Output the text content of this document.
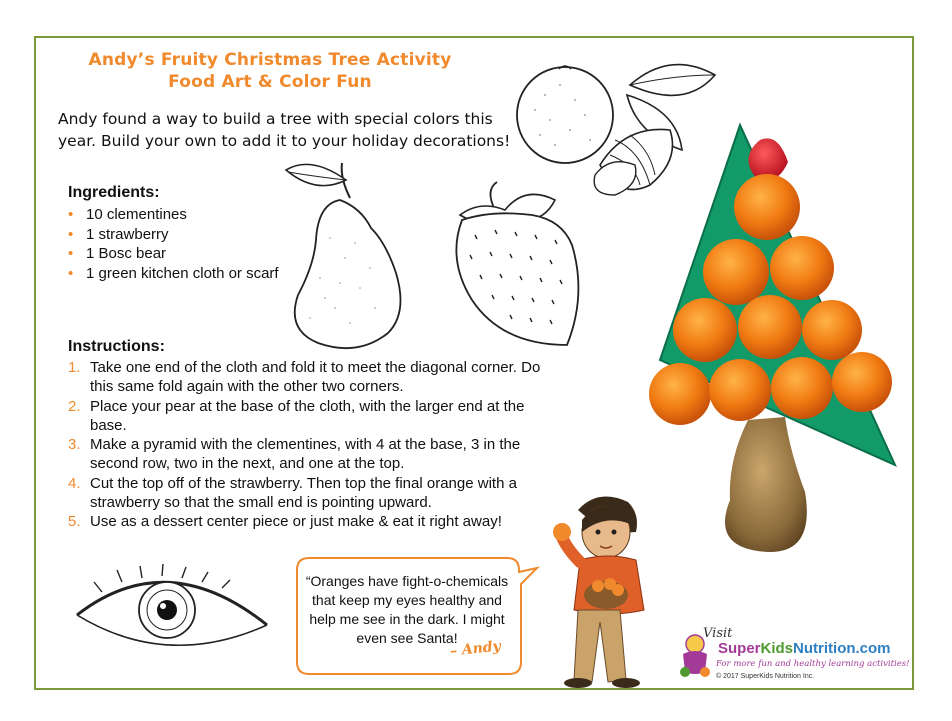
Andy’s Fruity Christmas Tree Activity
Food Art & Color Fun
Andy found a way to build a tree with special colors this year. Build your own to add it to your holiday decorations!
Ingredients:
• 10 clementines
• 1 strawberry
• 1 Bosc bear
• 1 green kitchen cloth or scarf
Instructions:
1. Take one end of the cloth and fold it to meet the diagonal corner. Do this same fold again with the other two corners.
2. Place your pear at the base of the cloth, with the larger end at the base.
3. Make a pyramid with the clementines, with 4 at the base, 3 in the second row, two in the next, and one at the top.
4. Cut the top off of the strawberry. Then top the final orange with a strawberry so that the small end is pointing upward.
5. Use as a dessert center piece or just make & eat it right away!
“Oranges have fight-o-chemicals that keep my eyes healthy and help me see in the dark. I might even see Santa!
– Andy
Visit
SuperKidsNutrition.com
For more fun and healthy learning activities!
© 2017 SuperKids Nutrition Inc.
